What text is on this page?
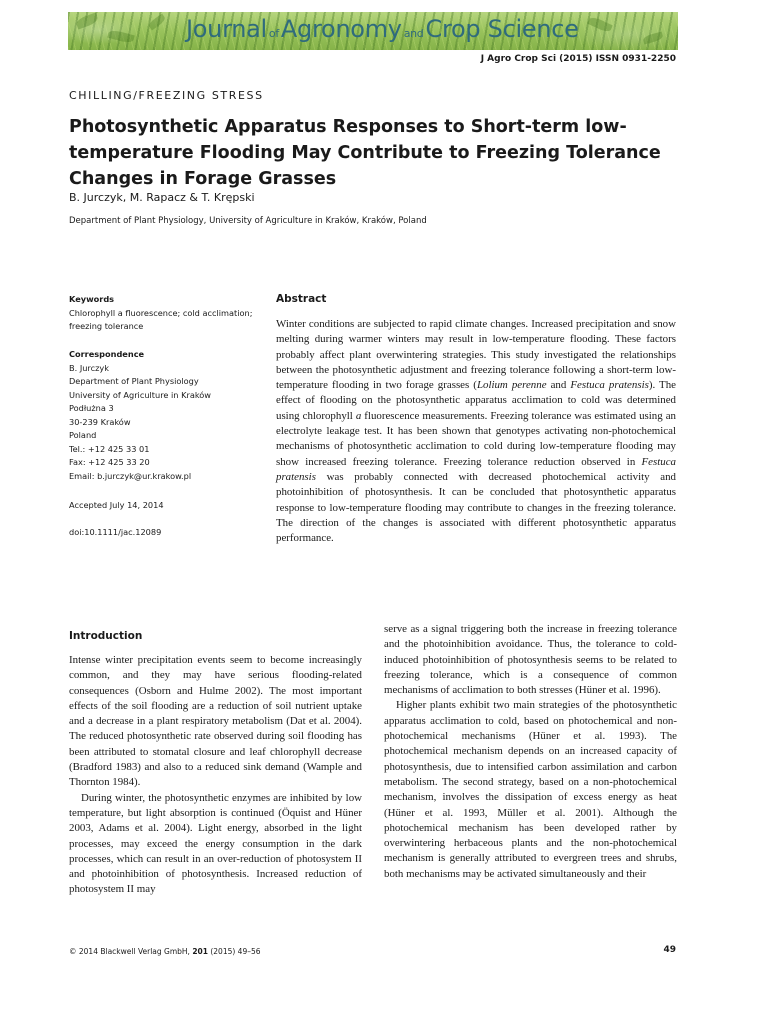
Journal ofAgronomy andCrop Science
J Agro Crop Sci (2015) ISSN 0931-2250
CHILLING/FREEZING STRESS
Photosynthetic Apparatus Responses to Short-term low-temperature Flooding May Contribute to Freezing Tolerance Changes in Forage Grasses
B. Jurczyk, M. Rapacz & T. Krępski
Department of Plant Physiology, University of Agriculture in Kraków, Kraków, Poland
Keywords
Chlorophyll a fluorescence; cold acclimation; freezing tolerance
Correspondence
B. Jurczyk
Department of Plant Physiology
University of Agriculture in Kraków
Podłużna 3
30-239 Kraków
Poland
Tel.: +12 425 33 01
Fax: +12 425 33 20
Email: b.jurczyk@ur.krakow.pl
Accepted July 14, 2014
doi:10.1111/jac.12089
Abstract
Winter conditions are subjected to rapid climate changes. Increased precipitation and snow melting during warmer winters may result in low-temperature flooding. These factors probably affect plant overwintering strategies. This study investigated the relationships between the photosynthetic adjustment and freezing tolerance following a short-term low-temperature flooding in two forage grasses (Lolium perenne and Festuca pratensis). The effect of flooding on the photosynthetic apparatus acclimation to cold was determined using chlorophyll a fluorescence measurements. Freezing tolerance was estimated using an electrolyte leakage test. It has been shown that genotypes activating non-photochemical mechanisms of photosynthetic acclimation to cold during low-temperature flooding may show increased freezing tolerance. Freezing tolerance reduction observed in Festuca pratensis was probably connected with decreased photochemical activity and photoinhibition of photosynthesis. It can be concluded that photosynthetic apparatus response to low-temperature flooding may contribute to changes in the freezing tolerance. The direction of the changes is associated with different photosynthetic apparatus performance.
Introduction

Intense winter precipitation events seem to become increasingly common, and they may have serious flooding-related consequences (Osborn and Hulme 2002). The most important effects of the soil flooding are a reduction of soil nutrient uptake and a decrease in a plant respiratory metabolism (Dat et al. 2004). The reduced photosynthetic rate observed during soil flooding has been attributed to stomatal closure and leaf chlorophyll decrease (Bradford 1983) and also to a reduced sink demand (Wample and Thornton 1984).

During winter, the photosynthetic enzymes are inhibited by low temperature, but light absorption is continued (Öquist and Hüner 2003, Adams et al. 2004). Light energy, absorbed in the light processes, may exceed the energy consumption in the dark processes, which can result in an over-reduction of photosystem II and photoinhibition of photosynthesis. Increased reduction of photosystem II may

serve as a signal triggering both the increase in freezing tolerance and the photoinhibition avoidance. Thus, the tolerance to cold-induced photoinhibition of photosynthesis seems to be related to freezing tolerance, which is a consequence of common mechanisms of acclimation to both stresses (Hüner et al. 1996).

Higher plants exhibit two main strategies of the photosynthetic apparatus acclimation to cold, based on photochemical and non-photochemical mechanisms (Hüner et al. 1993). The photochemical mechanism depends on an increased capacity of photosynthesis, due to intensified carbon assimilation and carbon metabolism. The second strategy, based on a non-photochemical mechanism, involves the dissipation of excess energy as heat (Hüner et al. 1993, Müller et al. 2001). Although the photochemical mechanism has been developed rather by overwintering herbaceous plants and the non-photochemical mechanism is generally attributed to evergreen trees and shrubs, both mechanisms may be activated simultaneously and their

© 2014 Blackwell Verlag GmbH, 201 (2015) 49–56	49
